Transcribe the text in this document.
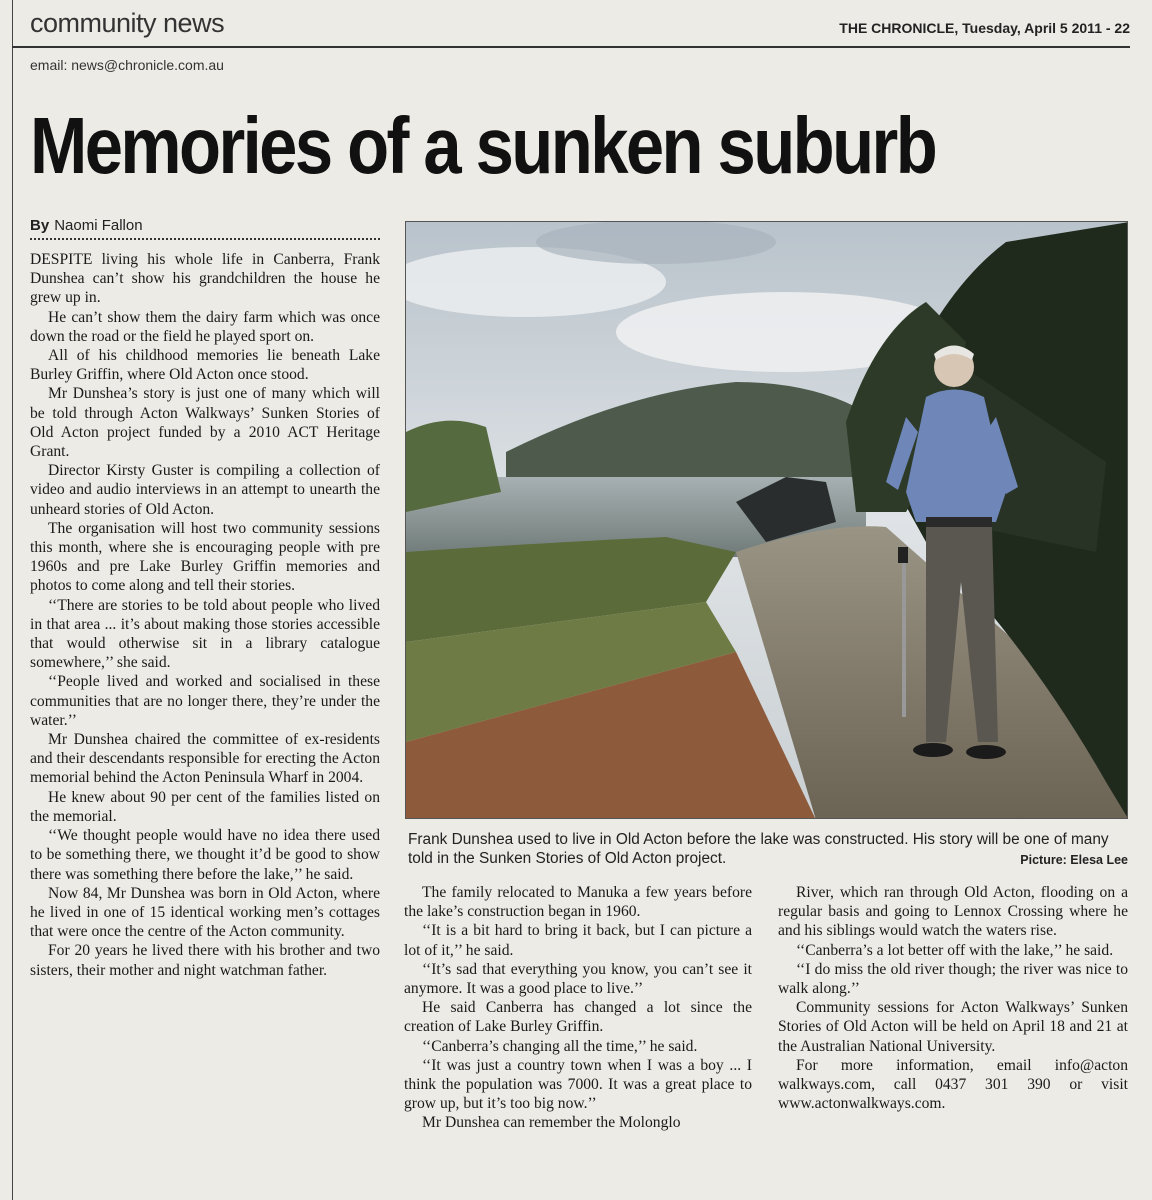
community news	THE CHRONICLE, Tuesday, April 5 2011 - 22
email: news@chronicle.com.au
Memories of a sunken suburb
By Naomi Fallon

DESPITE living his whole life in Canberra, Frank Dunshea can’t show his grandchildren the house he grew up in.

He can’t show them the dairy farm which was once down the road or the field he played sport on.

All of his childhood memories lie beneath Lake Burley Griffin, where Old Acton once stood.

Mr Dunshea’s story is just one of many which will be told through Acton Walkways’ Sunken Stories of Old Acton project funded by a 2010 ACT Heritage Grant.

Director Kirsty Guster is compiling a collection of video and audio interviews in an attempt to unearth the unheard stories of Old Acton.

The organisation will host two community sessions this month, where she is encouraging people with pre 1960s and pre Lake Burley Griffin memories and photos to come along and tell their stories.

‘‘There are stories to be told about people who lived in that area ... it’s about making those stories accessible that would otherwise sit in a library catalogue somewhere,’’ she said.

‘‘People lived and worked and socialised in these communities that are no longer there, they’re under the water.’’

Mr Dunshea chaired the committee of ex-residents and their descendants responsible for erecting the Acton memorial behind the Acton Peninsula Wharf in 2004.

He knew about 90 per cent of the families listed on the memorial.

‘‘We thought people would have no idea there used to be something there, we thought it’d be good to show there was something there before the lake,’’ he said.

Now 84, Mr Dunshea was born in Old Acton, where he lived in one of 15 identical working men’s cottages that were once the centre of the Acton community.

For 20 years he lived there with his brother and two sisters, their mother and night watchman father.

Frank Dunshea used to live in Old Acton before the lake was constructed. His story will be one of many told in the Sunken Stories of Old Acton project.	Picture: Elesa Lee

The family relocated to Manuka a few years before the lake’s construction began in 1960.

‘‘It is a bit hard to bring it back, but I can picture a lot of it,’’ he said.

‘‘It’s sad that everything you know, you can’t see it anymore. It was a good place to live.’’

He said Canberra has changed a lot since the creation of Lake Burley Griffin.

‘‘Canberra’s changing all the time,’’ he said.

‘‘It was just a country town when I was a boy ... I think the population was 7000. It was a great place to grow up, but it’s too big now.’’

Mr Dunshea can remember the Molonglo

River, which ran through Old Acton, flooding on a regular basis and going to Lennox Crossing where he and his siblings would watch the waters rise.

‘‘Canberra’s a lot better off with the lake,’’ he said.

‘‘I do miss the old river though; the river was nice to walk along.’’

Community sessions for Acton Walkways’ Sunken Stories of Old Acton will be held on April 18 and 21 at the Australian National University.

For more information, email info@acton walkways.com, call 0437 301 390 or visit www.actonwalkways.com.
